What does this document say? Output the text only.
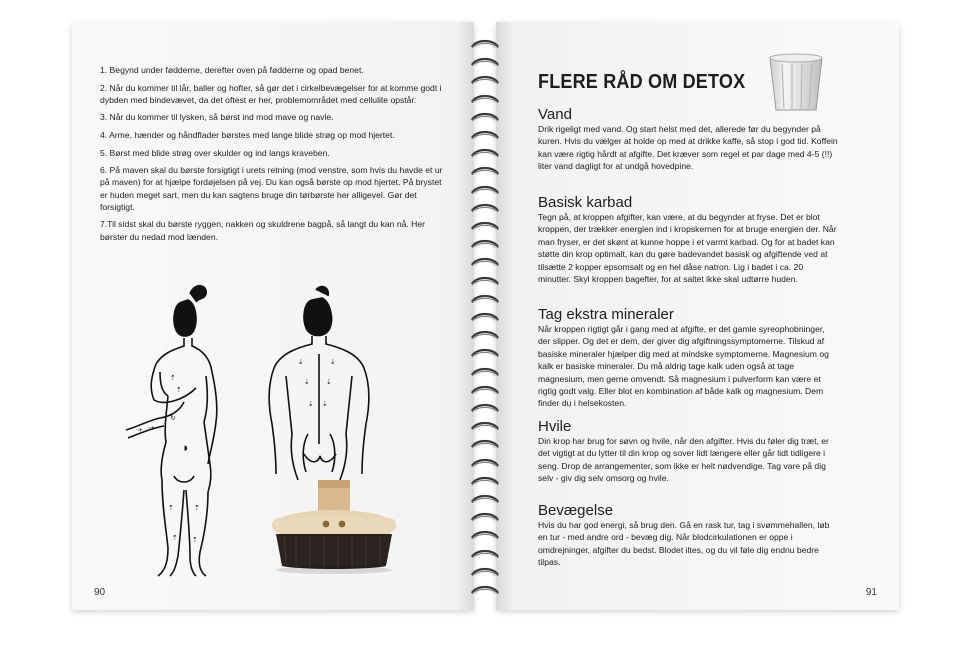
1. Begynd under fødderne, derefter oven på fødderne og opad benet.
2. Når du kommer til lår, baller og hofter, så gør det i cirkelbevægelser for at komme godt i dybden med bindevævet, da det oftest er her, problemområdet med cellulite opstår.
3. Når du kommer til lysken, så børst ind mod mave og navle.
4. Arme, hænder og håndflader børstes med lange blide strøg op mod hjertet.
5. Børst med blide strøg over skulder og ind langs kraveben.
6. På maven skal du børste forsigtigt i urets retning (mod venstre, som hvis du havde et ur på maven) for at hjælpe fordøjelsen på vej. Du kan også børste op mod hjertet. På brystet er huden meget sart, men du kan sagtens bruge din tørbørste her alligevel. Gør det forsigtigt.
7.Til sidst skal du børste ryggen, nakken og skuldrene bagpå, så langt du kan nå. Her børster du nedad mod lænden.
⇡
⇡
↻
◗
⇡
⇡
⇡
⇡
⇢ ⇢
⇣	⇣
⇣ ⇣
⇣ ⇣
90
FLERE RÅD OM DETOX
Vand

Drik rigeligt med vand. Og start helst med det, allerede før du begynder på kuren. Hvis du vælger at holde op med at drikke kaffe, så stop i god tid. Koffein kan være rigtig hårdt at afgifte. Det kræver som regel et par dage med 4-5 (!!) liter vand dagligt for at undgå hovedpine.

Basisk karbad

Tegn på, at kroppen afgifter, kan være, at du begynder at fryse. Det er blot kroppen, der trækker energien ind i kropskernen for at bruge energien der. Når man fryser, er det skønt at kunne hoppe i et varmt karbad. Og for at badet kan støtte din krop optimalt, kan du gøre badevandet basisk og afgiftende ved at tilsætte 2 kopper epsomsalt og en hel dåse natron. Lig i badet i ca. 20 minutter. Skyl kroppen bagefter, for at saltet ikke skal udtørre huden.

Tag ekstra mineraler

Når kroppen rigtigt går i gang med at afgifte, er det gamle syreophobninger, der slipper. Og det er dem, der giver dig afgiftningssymptomerne. Tilskud af basiske mineraler hjælper dig med at mindske symptomerne. Magnesium og kalk er basiske mineraler. Du må aldrig tage kalk uden også at tage magnesium, men gerne omvendt. Så magnesium i pulverform kan være et rigtig godt valg. Eller blot en kombination af både kalk og magnesium. Dem finder du i helsekosten.

Hvile

Din krop har brug for søvn og hvile, når den afgifter. Hvis du føler dig træt, er det vigtigt at du lytter til din krop og sover lidt længere eller går lidt tidligere i seng. Drop de arrangementer, som ikke er helt nødvendige. Tag vare på dig selv - giv dig selv omsorg og hvile.

Bevægelse

Hvis du har god energi, så brug den. Gå en rask tur, tag i svømmehallen, løb en tur - med andre ord - bevæg dig. Når blodcirkulationen er oppe i omdrejninger, afgifter du bedst. Blodet iltes, og du vil føle dig endnu bedre tilpas.

91
